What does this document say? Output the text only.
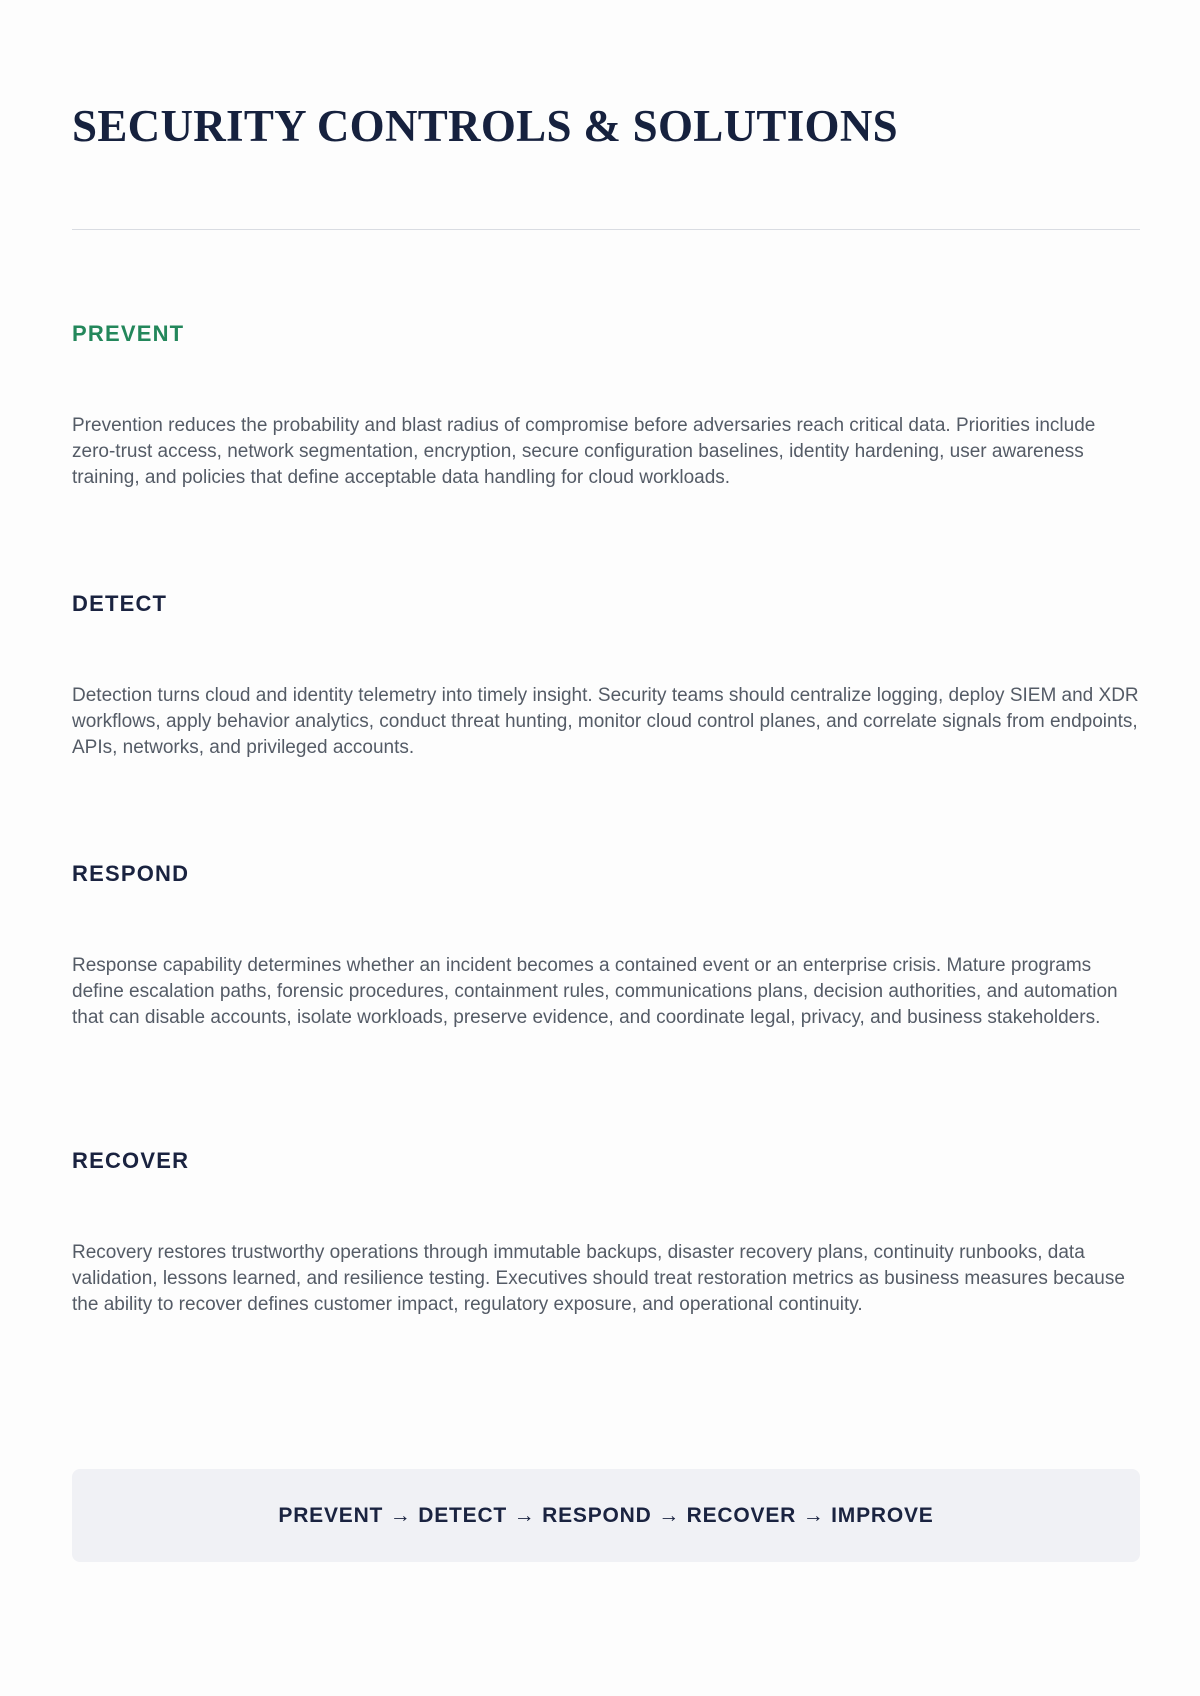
SECURITY CONTROLS & SOLUTIONS
PREVENT

Prevention reduces the probability and blast radius of compromise before adversaries reach critical data. Priorities include zero-trust access, network segmentation, encryption, secure configuration baselines, identity hardening, user awareness training, and policies that define acceptable data handling for cloud workloads.

DETECT

Detection turns cloud and identity telemetry into timely insight. Security teams should centralize logging, deploy SIEM and XDR workflows, apply behavior analytics, conduct threat hunting, monitor cloud control planes, and correlate signals from endpoints, APIs, networks, and privileged accounts.

RESPOND

Response capability determines whether an incident becomes a contained event or an enterprise crisis. Mature programs define escalation paths, forensic procedures, containment rules, communications plans, decision authorities, and automation that can disable accounts, isolate workloads, preserve evidence, and coordinate legal, privacy, and business stakeholders.

RECOVER

Recovery restores trustworthy operations through immutable backups, disaster recovery plans, continuity runbooks, data validation, lessons learned, and resilience testing. Executives should treat restoration metrics as business measures because the ability to recover defines customer impact, regulatory exposure, and operational continuity.

PREVENT → DETECT → RESPOND → RECOVER → IMPROVE
